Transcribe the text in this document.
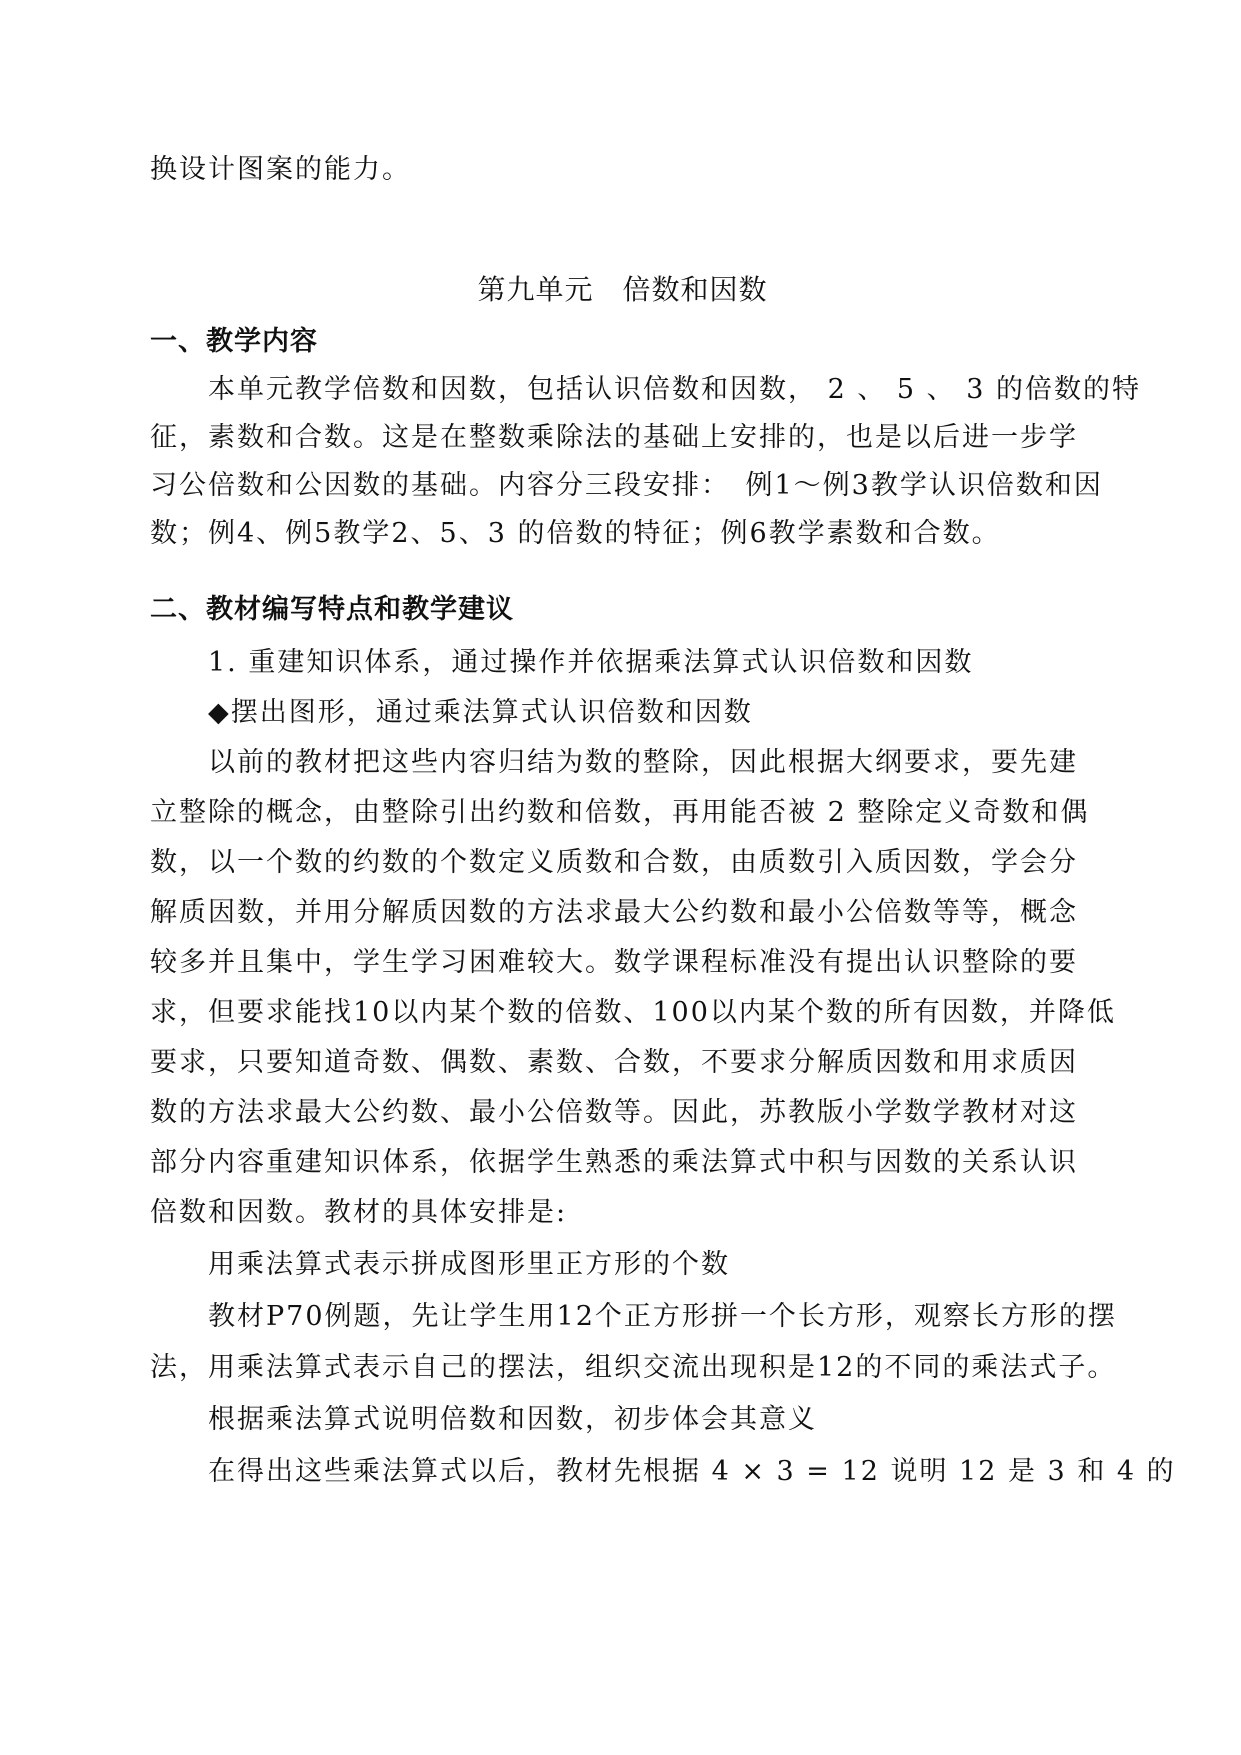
换设计图案的能力。
第九单元　倍数和因数
一、教学内容
本单元教学倍数和因数，包括认识倍数和因数， 2 、 5 、 3 的倍数的特
征，素数和合数。这是在整数乘除法的基础上安排的，也是以后进一步学
习公倍数和公因数的基础。内容分三段安排：　例1～例3教学认识倍数和因
数；例4、例5教学2、5、3 的倍数的特征；例6教学素数和合数。
二、教材编写特点和教学建议
1. 重建知识体系，通过操作并依据乘法算式认识倍数和因数
◆摆出图形，通过乘法算式认识倍数和因数
以前的教材把这些内容归结为数的整除，因此根据大纲要求，要先建
立整除的概念，由整除引出约数和倍数，再用能否被 2 整除定义奇数和偶
数，以一个数的约数的个数定义质数和合数，由质数引入质因数，学会分
解质因数，并用分解质因数的方法求最大公约数和最小公倍数等等，概念
较多并且集中，学生学习困难较大。数学课程标准没有提出认识整除的要
求，但要求能找10以内某个数的倍数、100以内某个数的所有因数，并降低
要求，只要知道奇数、偶数、素数、合数，不要求分解质因数和用求质因
数的方法求最大公约数、最小公倍数等。因此，苏教版小学数学教材对这
部分内容重建知识体系，依据学生熟悉的乘法算式中积与因数的关系认识
倍数和因数。教材的具体安排是:
用乘法算式表示拼成图形里正方形的个数
教材P70例题，先让学生用12个正方形拼一个长方形，观察长方形的摆
法，用乘法算式表示自己的摆法，组织交流出现积是12的不同的乘法式子。
根据乘法算式说明倍数和因数，初步体会其意义
在得出这些乘法算式以后，教材先根据 4 × 3 = 12 说明 12 是 3 和 4 的
